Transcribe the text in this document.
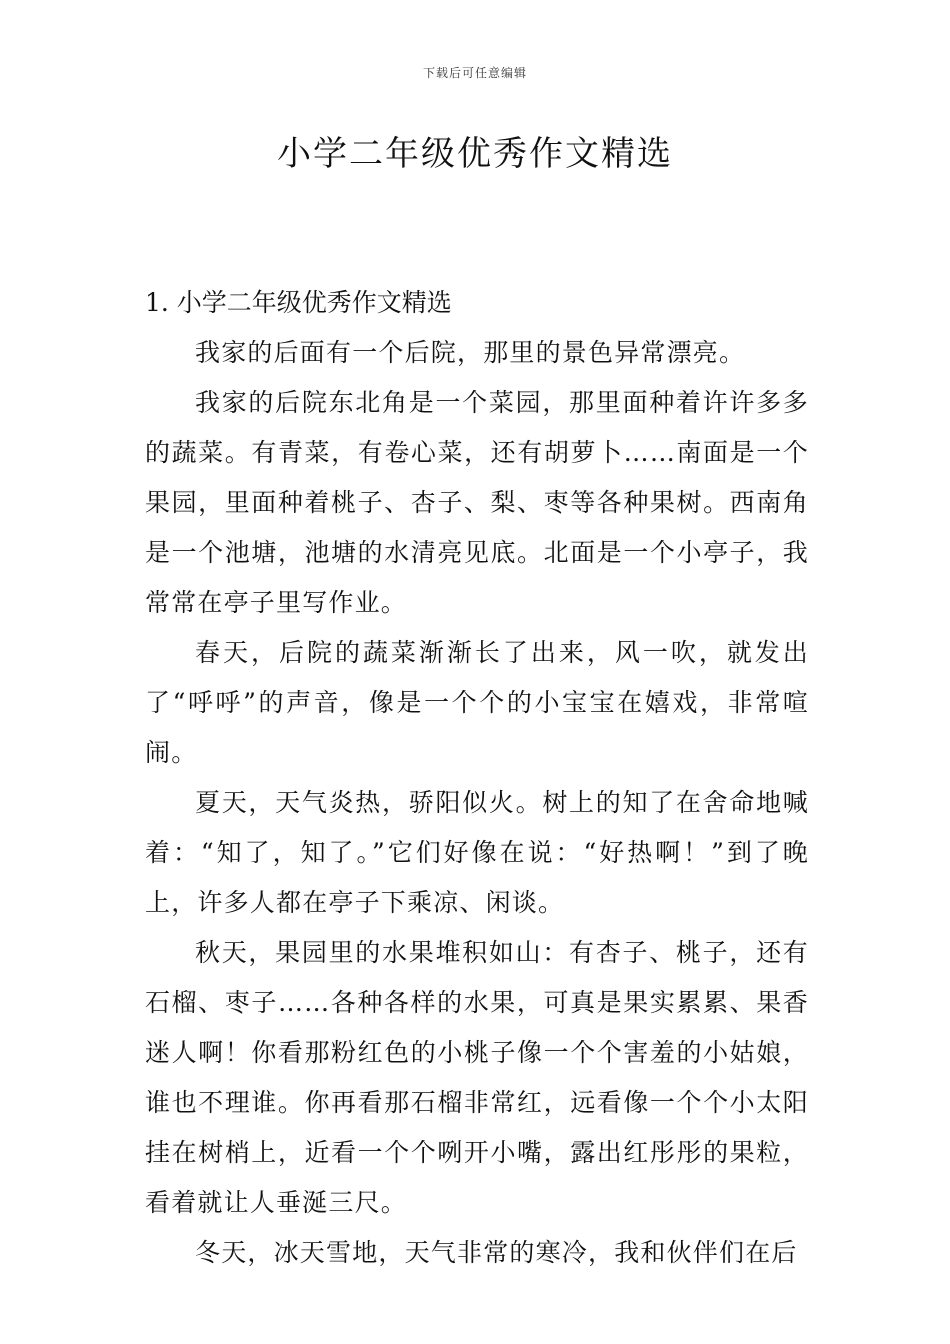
下载后可任意编辑
小学二年级优秀作文精选

1. 小学二年级优秀作文精选

我家的后面有一个后院，那里的景色异常漂亮。

我家的后院东北角是一个菜园，那里面种着许许多多的蔬菜。有青菜，有卷心菜，还有胡萝卜……南面是一个果园，里面种着桃子、杏子、梨、枣等各种果树。西南角是一个池塘，池塘的水清亮见底。北面是一个小亭子，我常常在亭子里写作业。

春天，后院的蔬菜渐渐长了出来，风一吹，就发出了“呼呼”的声音，像是一个个的小宝宝在嬉戏，非常喧闹。

夏天，天气炎热，骄阳似火。树上的知了在舍命地喊着：“知了，知了。”它们好像在说：“好热啊！”到了晚上，许多人都在亭子下乘凉、闲谈。

秋天，果园里的水果堆积如山：有杏子、桃子，还有石榴、枣子……各种各样的水果，可真是果实累累、果香迷人啊！你看那粉红色的小桃子像一个个害羞的小姑娘，谁也不理谁。你再看那石榴非常红，远看像一个个小太阳挂在树梢上，近看一个个咧开小嘴，露出红彤彤的果粒，看着就让人垂涎三尺。

冬天，冰天雪地，天气非常的寒冷，我和伙伴们在后
